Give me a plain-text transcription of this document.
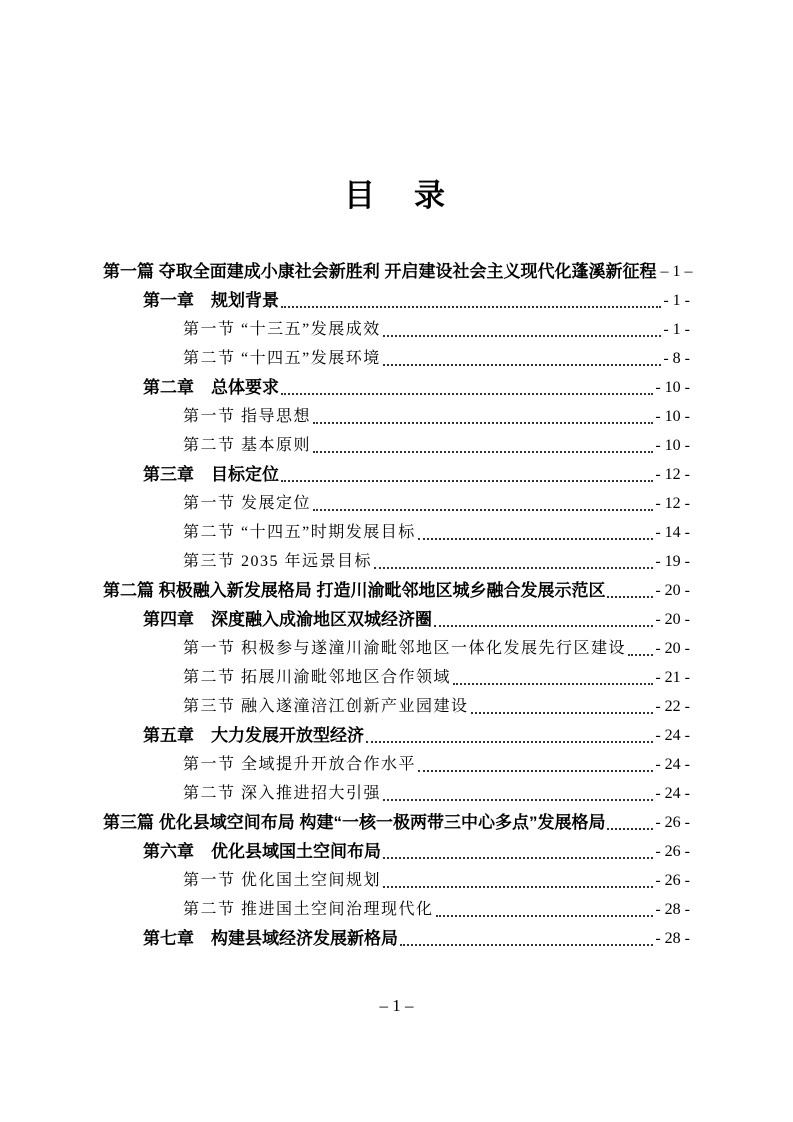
目　录
第一篇 夺取全面建成小康社会新胜利 开启建设社会主义现代化蓬溪新征程 – 1 –
第一章　规划背景	- 1 -
第一节 “十三五”发展成效	- 1 -
第二节 “十四五”发展环境	- 8 -
第二章　总体要求	- 10 -
第一节 指导思想	- 10 -
第二节 基本原则	- 10 -
第三章　目标定位	- 12 -
第一节 发展定位	- 12 -
第二节 “十四五”时期发展目标	- 14 -
第三节 2035 年远景目标	- 19 -
第二篇 积极融入新发展格局 打造川渝毗邻地区城乡融合发展示范区	- 20 -
第四章　深度融入成渝地区双城经济圈	- 20 -
第一节 积极参与遂潼川渝毗邻地区一体化发展先行区建设 - 20 -
第二节 拓展川渝毗邻地区合作领域	- 21 -
第三节 融入遂潼涪江创新产业园建设	- 22 -
第五章　大力发展开放型经济	- 24 -
第一节 全域提升开放合作水平	- 24 -
第二节 深入推进招大引强	- 24 -
第三篇 优化县域空间布局 构建“一核一极两带三中心多点”发展格局	- 26 -
第六章　优化县域国土空间布局	- 26 -
第一节 优化国土空间规划	- 26 -
第二节 推进国土空间治理现代化	- 28 -
第七章　构建县域经济发展新格局	- 28 -
– 1 –
